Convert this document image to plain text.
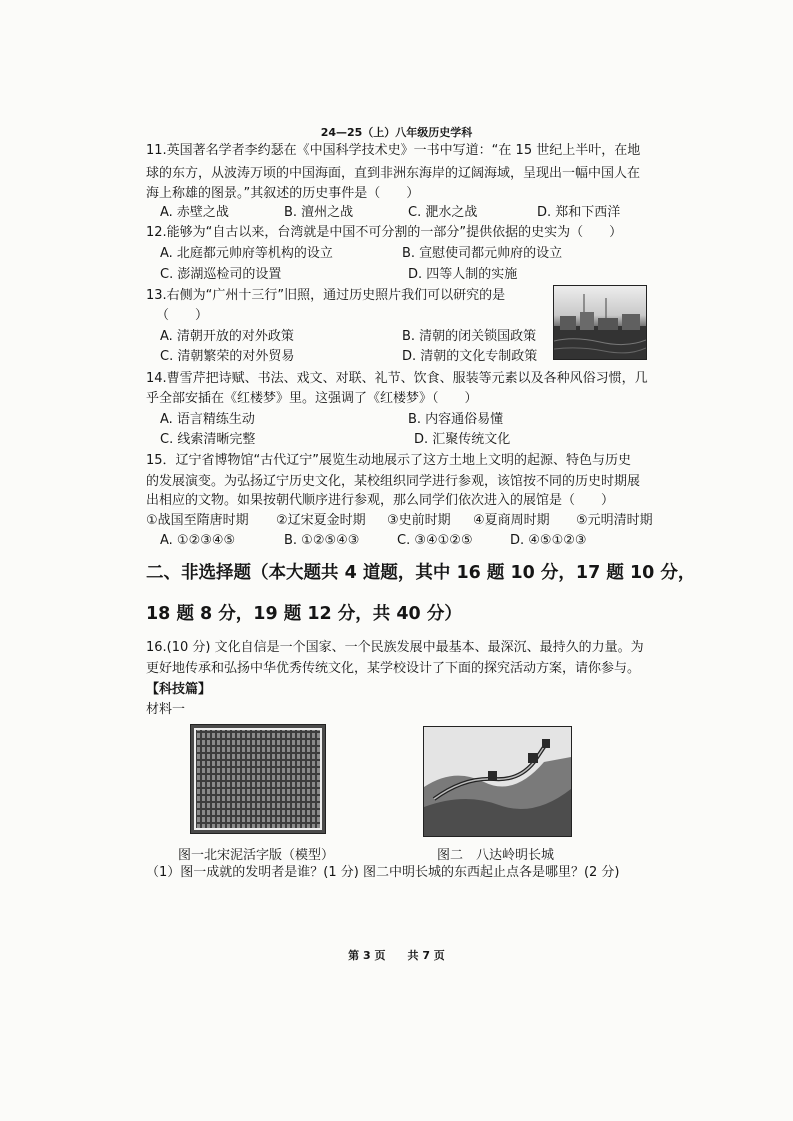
24—25（上）八年级历史学科
11.英国著名学者李约瑟在《中国科学技术史》一书中写道：“在 15 世纪上半叶，在地
球的东方，从波涛万顷的中国海面，直到非洲东海岸的辽阔海域，呈现出一幅中国人在
海上称雄的图景。”其叙述的历史事件是（　　）
A. 赤壁之战	B. 澶州之战	C. 淝水之战	D. 郑和下西洋
12.能够为“自古以来，台湾就是中国不可分割的一部分”提供依据的史实为（　　）
A. 北庭都元帅府等机构的设立	B. 宣慰使司都元帅府的设立
C. 澎湖巡检司的设置	D. 四等人制的实施
13.右侧为“广州十三行”旧照，通过历史照片我们可以研究的是
（　　）
A. 清朝开放的对外政策	B. 清朝的闭关锁国政策
C. 清朝繁荣的对外贸易	D. 清朝的文化专制政策
14.曹雪芹把诗赋、书法、戏文、对联、礼节、饮食、服装等元素以及各种风俗习惯，几
乎全部安插在《红楼梦》里。这强调了《红楼梦》（　　）
A. 语言精练生动	B. 内容通俗易懂
C. 线索清晰完整	D. 汇聚传统文化
15．辽宁省博物馆“古代辽宁”展览生动地展示了这方土地上文明的起源、特色与历史
的发展演变。为弘扬辽宁历史文化，某校组织同学进行参观，该馆按不同的历史时期展
出相应的文物。如果按朝代顺序进行参观，那么同学们依次进入的展馆是（　　）
①战国至隋唐时期 ②辽宋夏金时期 ③史前时期 ④夏商周时期 ⑤元明清时期
A. ①②③④⑤	B. ①②⑤④③	C. ③④①②⑤	D. ④⑤①②③
二、非选择题（本大题共 4 道题，其中 16 题 10 分，17 题 10 分，
18 题 8 分，19 题 12 分，共 40 分）
16.(10 分) 文化自信是一个国家、一个民族发展中最基本、最深沉、最持久的力量。为
更好地传承和弘扬中华优秀传统文化，某学校设计了下面的探究活动方案，请你参与。
【科技篇】
材料一
图一北宋泥活字版（模型）	图二　八达岭明长城
（1）图一成就的发明者是谁？(1 分) 图二中明长城的东西起止点各是哪里？(2 分)
第 3 页　　共 7 页
